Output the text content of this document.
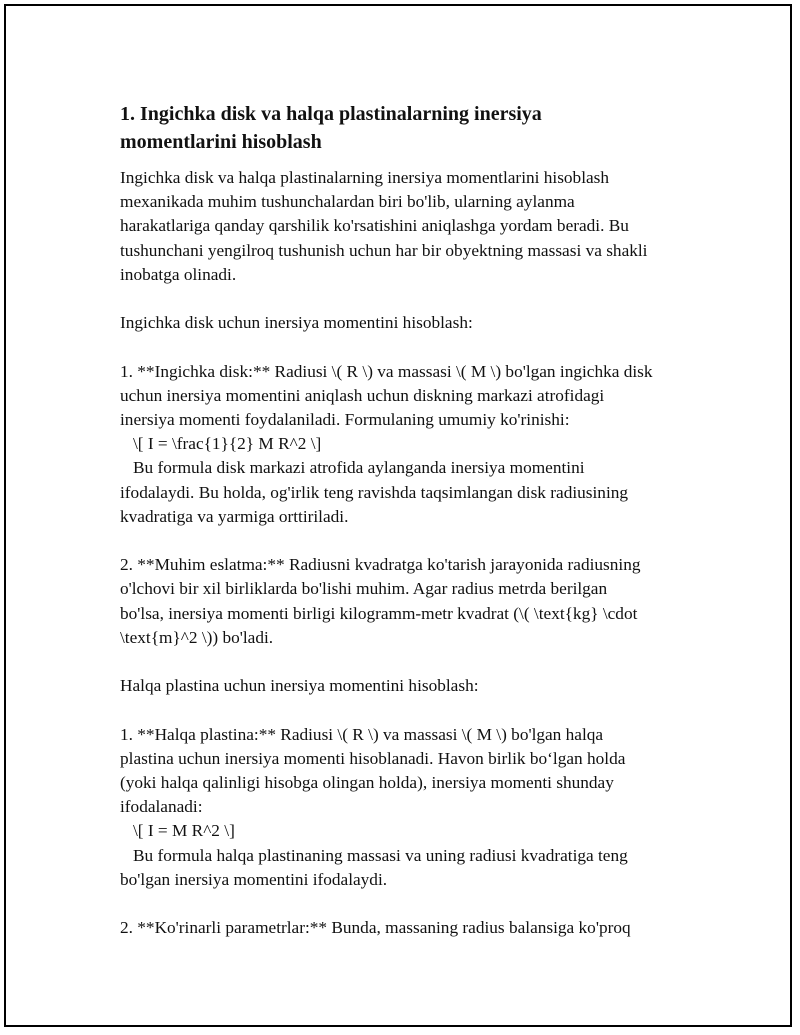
1. Ingichka disk va halqa plastinalarning inersiya
momentlarini hisoblash

Ingichka disk va halqa plastinalarning inersiya momentlarini hisoblash

mexanikada muhim tushunchalardan biri bo'lib, ularning aylanma

harakatlariga qanday qarshilik ko'rsatishini aniqlashga yordam beradi. Bu

tushunchani yengilroq tushunish uchun har bir obyektning massasi va shakli

inobatga olinadi.

Ingichka disk uchun inersiya momentini hisoblash:

1. **Ingichka disk:** Radiusi \( R \) va massasi \( M \) bo'lgan ingichka disk

uchun inersiya momentini aniqlash uchun diskning markazi atrofidagi

inersiya momenti foydalaniladi. Formulaning umumiy ko'rinishi:

\[ I = \frac{1}{2} M R^2 \]

Bu formula disk markazi atrofida aylanganda inersiya momentini

ifodalaydi. Bu holda, og'irlik teng ravishda taqsimlangan disk radiusining

kvadratiga va yarmiga orttiriladi.

2. **Muhim eslatma:** Radiusni kvadratga ko'tarish jarayonida radiusning

o'lchovi bir xil birliklarda bo'lishi muhim. Agar radius metrda berilgan

bo'lsa, inersiya momenti birligi kilogramm-metr kvadrat (\( \text{kg} \cdot

\text{m}^2 \)) bo'ladi.

Halqa plastina uchun inersiya momentini hisoblash:

1. **Halqa plastina:** Radiusi \( R \) va massasi \( M \) bo'lgan halqa

plastina uchun inersiya momenti hisoblanadi. Havon birlik bo‘lgan holda

(yoki halqa qalinligi hisobga olingan holda), inersiya momenti shunday

ifodalanadi:

\[ I = M R^2 \]

Bu formula halqa plastinaning massasi va uning radiusi kvadratiga teng

bo'lgan inersiya momentini ifodalaydi.

2. **Ko'rinarli parametrlar:** Bunda, massaning radius balansiga ko'proq
